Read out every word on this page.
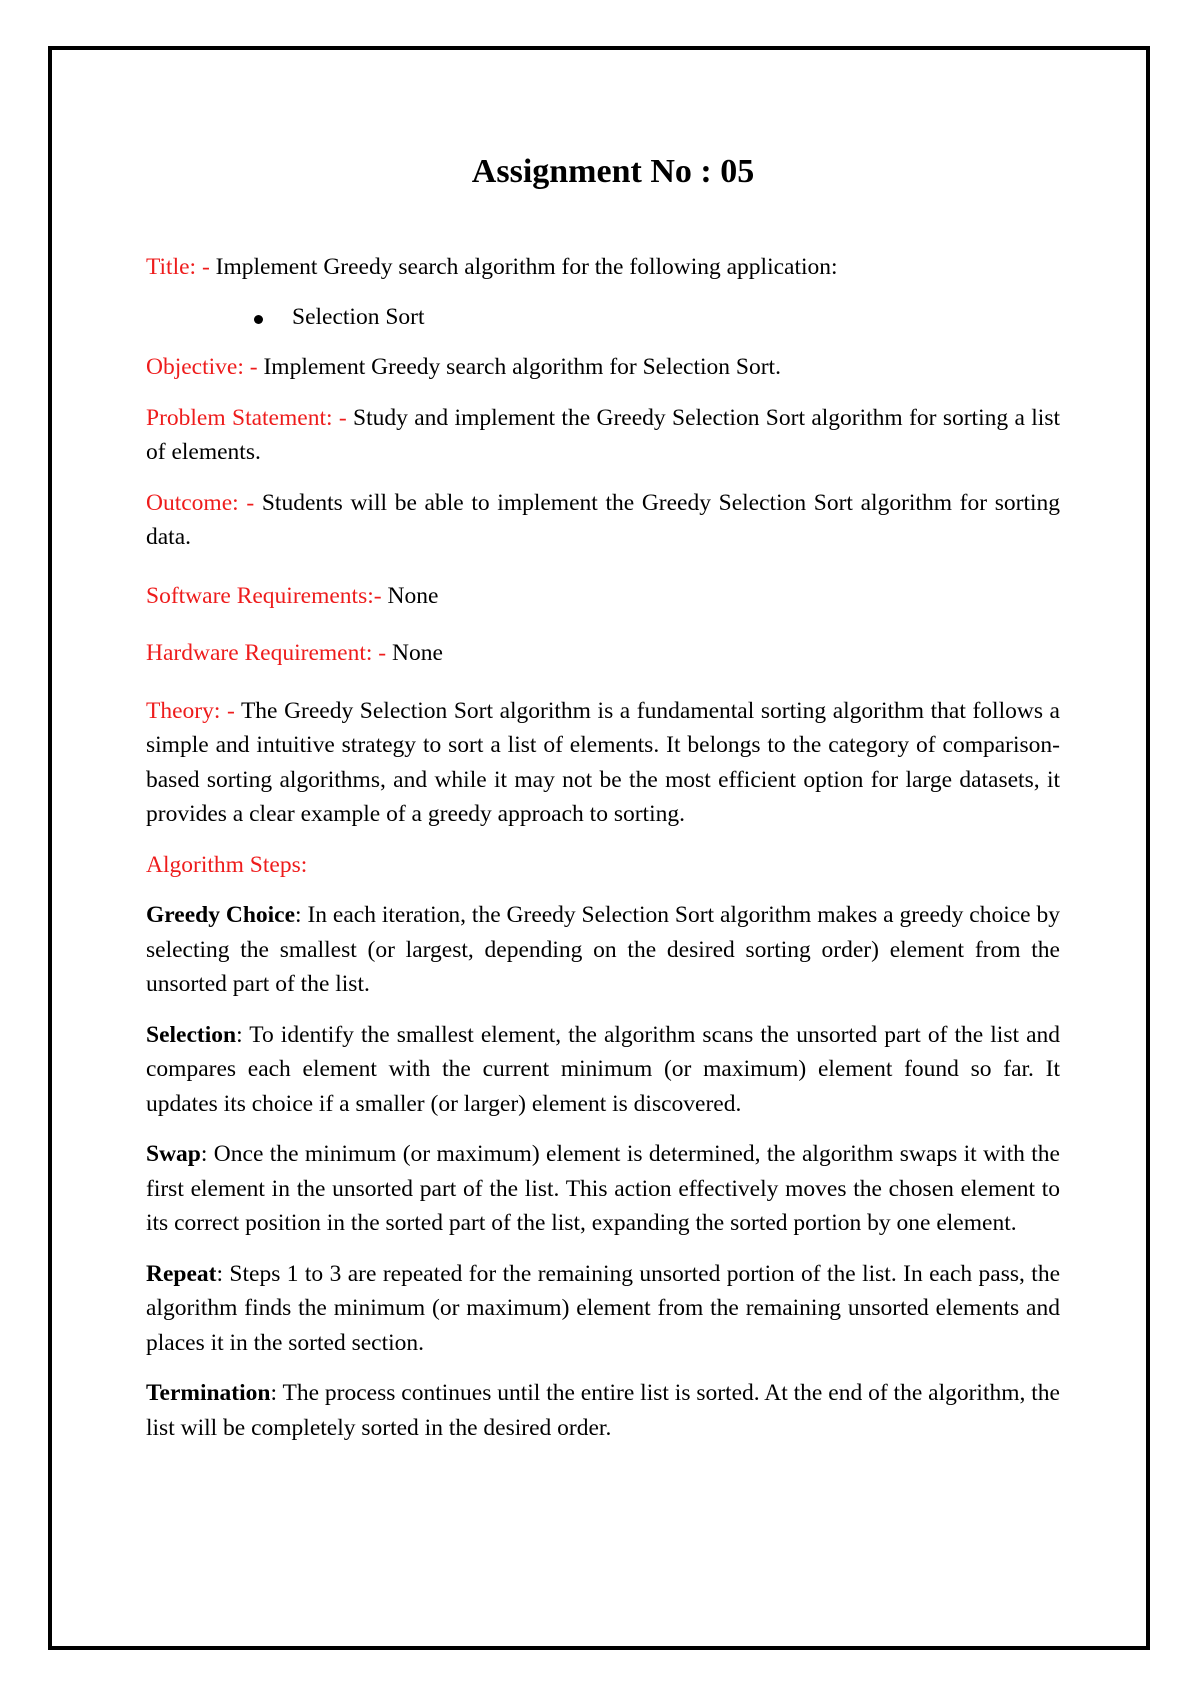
Assignment No : 05

Title: - Implement Greedy search algorithm for the following application:

Selection Sort

Objective: - Implement Greedy search algorithm for Selection Sort.

Problem Statement: - Study and implement the Greedy Selection Sort algorithm for sorting a list of elements.

Outcome: - Students will be able to implement the Greedy Selection Sort algorithm for sorting data.

Software Requirements:- None

Hardware Requirement: - None

Theory: - The Greedy Selection Sort algorithm is a fundamental sorting algorithm that follows a simple and intuitive strategy to sort a list of elements. It belongs to the category of comparison-based sorting algorithms, and while it may not be the most efficient option for large datasets, it provides a clear example of a greedy approach to sorting.

Algorithm Steps:

Greedy Choice: In each iteration, the Greedy Selection Sort algorithm makes a greedy choice by selecting the smallest (or largest, depending on the desired sorting order) element from the unsorted part of the list.

Selection: To identify the smallest element, the algorithm scans the unsorted part of the list and compares each element with the current minimum (or maximum) element found so far. It updates its choice if a smaller (or larger) element is discovered.

Swap: Once the minimum (or maximum) element is determined, the algorithm swaps it with the first element in the unsorted part of the list. This action effectively moves the chosen element to its correct position in the sorted part of the list, expanding the sorted portion by one element.

Repeat: Steps 1 to 3 are repeated for the remaining unsorted portion of the list. In each pass, the algorithm finds the minimum (or maximum) element from the remaining unsorted elements and places it in the sorted section.

Termination: The process continues until the entire list is sorted. At the end of the algorithm, the list will be completely sorted in the desired order.
